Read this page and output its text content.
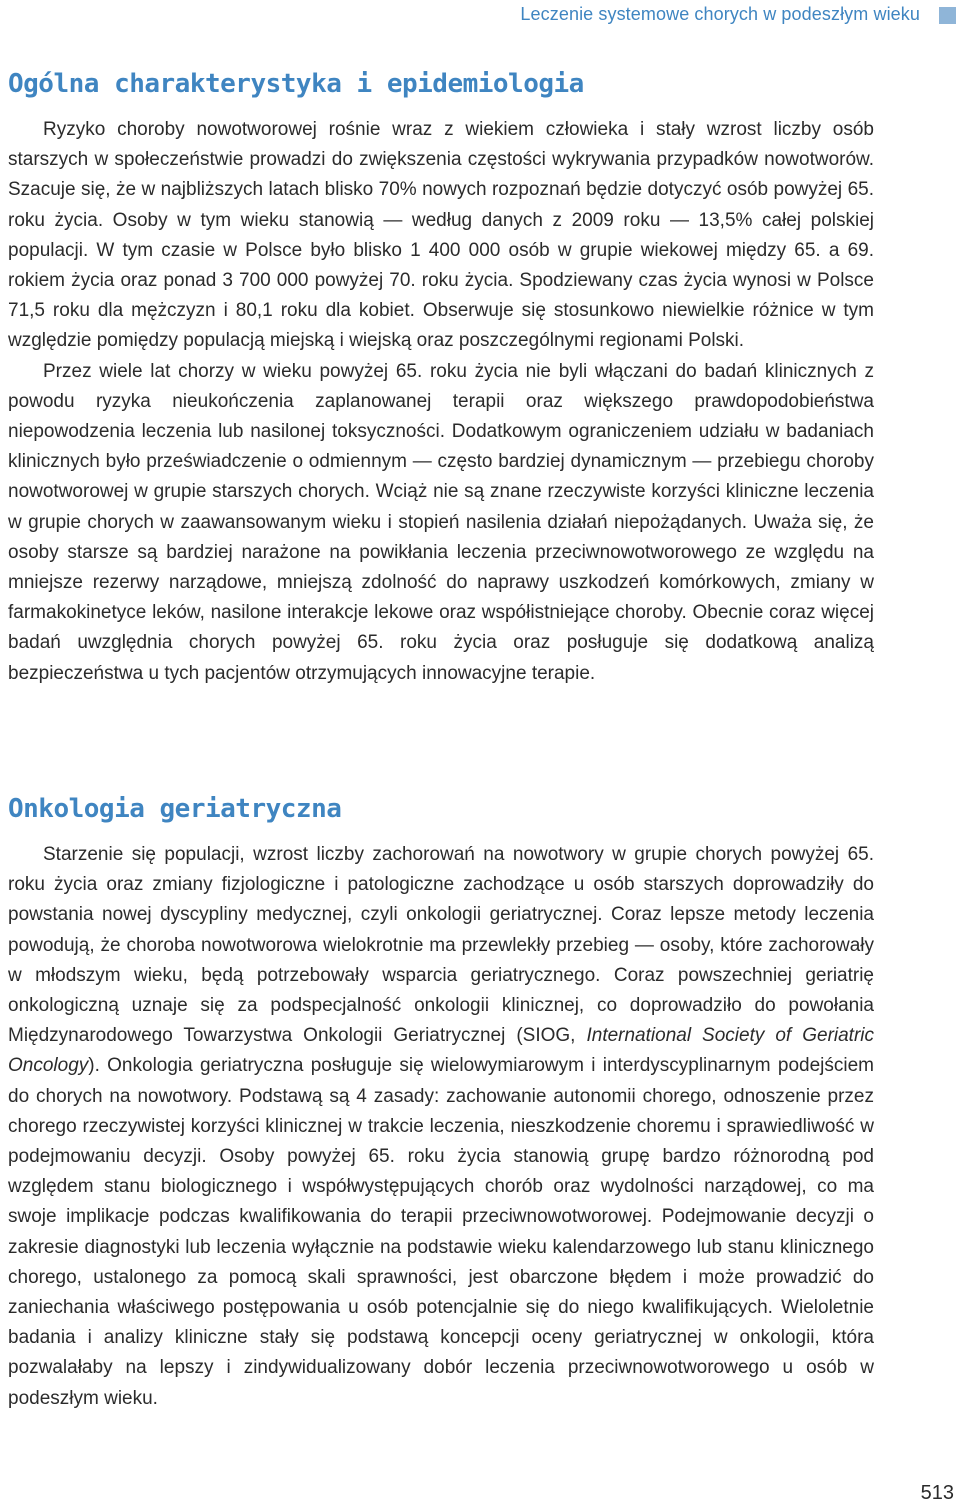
Leczenie systemowe chorych w podeszłym wieku
Ogólna charakterystyka i epidemiologia

Ryzyko choroby nowotworowej rośnie wraz z wiekiem człowieka i stały wzrost liczby osób starszych w społeczeństwie prowadzi do zwiększenia częstości wykrywania przypadków nowotworów. Szacuje się, że w najbliższych latach blisko 70% nowych rozpoznań będzie dotyczyć osób powyżej 65. roku życia. Osoby w tym wieku stanowią — według danych z 2009 roku — 13,5% całej polskiej populacji. W tym czasie w Polsce było blisko 1 400 000 osób w grupie wiekowej między 65. a 69. rokiem życia oraz ponad 3 700 000 powyżej 70. roku życia. Spodziewany czas życia wynosi w Polsce 71,5 roku dla mężczyzn i 80,1 roku dla kobiet. Obserwuje się stosunkowo niewielkie różnice w tym względzie pomiędzy populacją miejską i wiejską oraz poszczególnymi regionami Polski.

Przez wiele lat chorzy w wieku powyżej 65. roku życia nie byli włączani do badań klinicznych z powodu ryzyka nieukończenia zaplanowanej terapii oraz większego prawdopodobieństwa niepowodzenia leczenia lub nasilonej toksyczności. Dodatkowym ograniczeniem udziału w badaniach klinicznych było przeświadczenie o odmiennym — często bardziej dynamicznym — przebiegu choroby nowotworowej w grupie starszych chorych. Wciąż nie są znane rzeczywiste korzyści kliniczne leczenia w grupie chorych w zaawansowanym wieku i stopień nasilenia działań niepożądanych. Uważa się, że osoby starsze są bardziej narażone na powikłania leczenia przeciwnowotworowego ze względu na mniejsze rezerwy narządowe, mniejszą zdolność do naprawy uszkodzeń komórkowych, zmiany w farmakokinetyce leków, nasilone interakcje lekowe oraz współistniejące choroby. Obecnie coraz więcej badań uwzględnia chorych powyżej 65. roku życia oraz posługuje się dodatkową analizą bezpieczeństwa u tych pacjentów otrzymujących innowacyjne terapie.

Onkologia geriatryczna

Starzenie się populacji, wzrost liczby zachorowań na nowotwory w grupie chorych powyżej 65. roku życia oraz zmiany fizjologiczne i patologiczne zachodzące u osób starszych doprowadziły do powstania nowej dyscypliny medycznej, czyli onkologii geriatrycznej. Coraz lepsze metody leczenia powodują, że choroba nowotworowa wielokrotnie ma przewlekły przebieg — osoby, które zachorowały w młodszym wieku, będą potrzebowały wsparcia geriatrycznego. Coraz powszechniej geriatrię onkologiczną uznaje się za podspecjalność onkologii klinicznej, co doprowadziło do powołania Międzynarodowego Towarzystwa Onkologii Geriatrycznej (SIOG, International Society of Geriatric Oncology). Onkologia geriatryczna posługuje się wielowymiarowym i interdyscyplinarnym podejściem do chorych na nowotwory. Podstawą są 4 zasady: zachowanie autonomii chorego, odnoszenie przez chorego rzeczywistej korzyści klinicznej w trakcie leczenia, nieszkodzenie choremu i sprawiedliwość w podejmowaniu decyzji. Osoby powyżej 65. roku życia stanowią grupę bardzo różnorodną pod względem stanu biologicznego i współwystępujących chorób oraz wydolności narządowej, co ma swoje implikacje podczas kwalifikowania do terapii przeciwnowotworowej. Podejmowanie decyzji o zakresie diagnostyki lub leczenia wyłącznie na podstawie wieku kalendarzowego lub stanu klinicznego chorego, ustalonego za pomocą skali sprawności, jest obarczone błędem i może prowadzić do zaniechania właściwego postępowania u osób potencjalnie się do niego kwalifikujących. Wieloletnie badania i analizy kliniczne stały się podstawą koncepcji oceny geriatrycznej w onkologii, która pozwalałaby na lepszy i zindywidualizowany dobór leczenia przeciwnowotworowego u osób w podeszłym wieku.

513
